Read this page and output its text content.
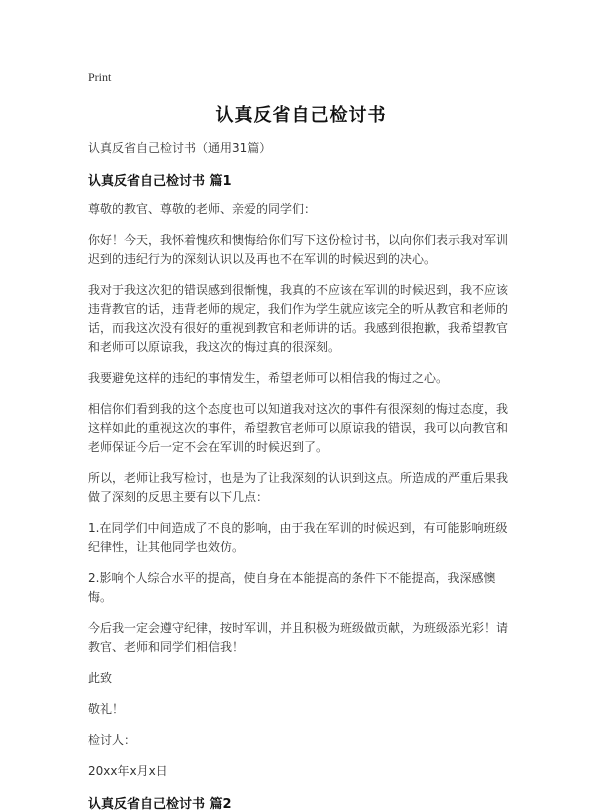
Print
认真反省自己检讨书
认真反省自己检讨书（通用31篇）
认真反省自己检讨书 篇1

尊敬的教官、尊敬的老师、亲爱的同学们：

你好！今天，我怀着愧疚和懊悔给你们写下这份检讨书，以向你们表示我对军训迟到的违纪行为的深刻认识以及再也不在军训的时候迟到的决心。

我对于我这次犯的错误感到很惭愧，我真的不应该在军训的时候迟到，我不应该违背教官的话，违背老师的规定，我们作为学生就应该完全的听从教官和老师的话，而我这次没有很好的重视到教官和老师讲的话。我感到很抱歉，我希望教官和老师可以原谅我，我这次的悔过真的很深刻。

我要避免这样的违纪的事情发生，希望老师可以相信我的悔过之心。

相信你们看到我的这个态度也可以知道我对这次的事件有很深刻的悔过态度，我这样如此的重视这次的事件，希望教官老师可以原谅我的错误，我可以向教官和老师保证今后一定不会在军训的时候迟到了。

所以，老师让我写检讨，也是为了让我深刻的认识到这点。所造成的严重后果我做了深刻的反思主要有以下几点：

1.在同学们中间造成了不良的影响，由于我在军训的时候迟到，有可能影响班级纪律性，让其他同学也效仿。

2.影响个人综合水平的提高，使自身在本能提高的条件下不能提高，我深感懊悔。

今后我一定会遵守纪律，按时军训，并且积极为班级做贡献，为班级添光彩！请教官、老师和同学们相信我！

此致

敬礼！

检讨人：

20xx年x月x日

认真反省自己检讨书 篇2
